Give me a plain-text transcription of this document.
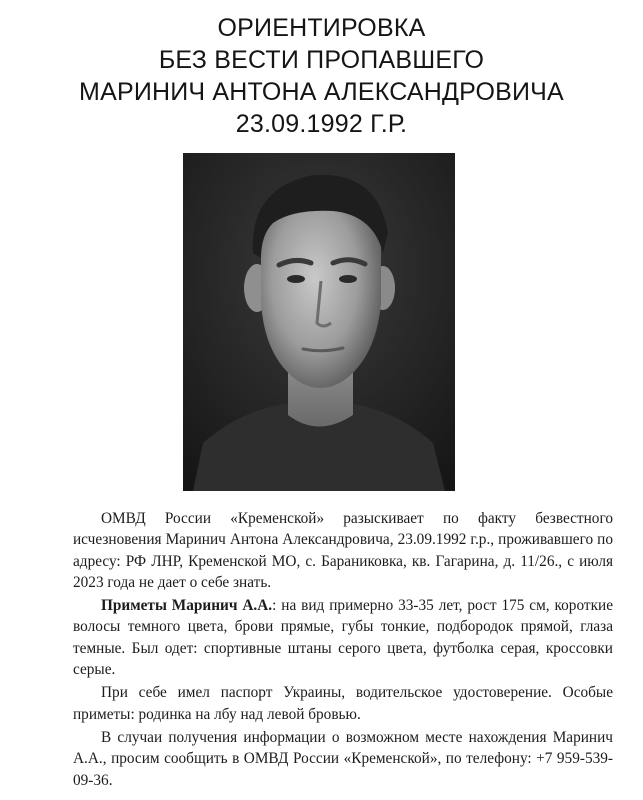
ОРИЕНТИРОВКА
БЕЗ ВЕСТИ ПРОПАВШЕГО
МАРИНИЧ АНТОНА АЛЕКСАНДРОВИЧА
23.09.1992 Г.Р.

ОМВД России «Кременской» разыскивает по факту безвестного исчезновения Маринич Антона Александровича, 23.09.1992 г.р., проживавшего по адресу: РФ ЛНР, Кременской МО, с. Бараниковка, кв. Гагарина, д. 11/26., с июля 2023 года не дает о себе знать.

Приметы Маринич А.А.: на вид примерно 33-35 лет, рост 175 см, короткие волосы темного цвета, брови прямые, губы тонкие, подбородок прямой, глаза темные. Был одет: спортивные штаны серого цвета, футболка серая, кроссовки серые.

При себе имел паспорт Украины, водительское удостоверение. Особые приметы: родинка на лбу над левой бровью.

В случаи получения информации о возможном месте нахождения Маринич А.А., просим сообщить в ОМВД России «Кременской», по телефону: +7 959-539-09-36.
